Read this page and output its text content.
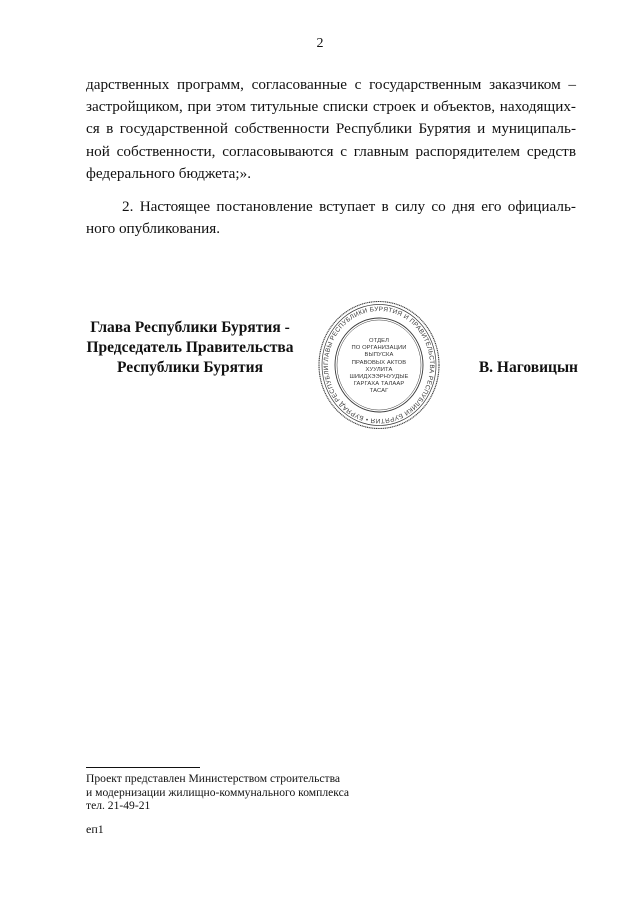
2
дарственных программ, согласованные с государственным заказчиком –
застройщиком, при этом титульные списки строек и объектов, находящих-
ся в государственной собственности Республики Бурятия и муниципаль-
ной собственности, согласовываются с главным распорядителем средств
федерального бюджета;».
2. Настоящее постановление вступает в силу со дня его официаль-
ного опубликования.
Глава Республики Бурятия -
Председатель Правительства
Республики Бурятия	ГЛАВЫ РЕСПУБЛИКИ БУРЯТИЯ И ПРАВИТЕЛЬСТВА РЕСПУБЛИКИ БУРЯТИЯ • БУРЯАД РЕСПУБЛИ
ОТДЕЛ
ПО ОРГАНИЗАЦИИ
ВЫПУСКА
ПРАВОВЫХ АКТОВ
ХУУЛИТА
ШИИДХЭЭРНУУДЫЕ
ГАРГАХА ТАЛААР
ТАСАГ
В. Наговицын
Проект представлен Министерством строительства
и модернизации жилищно-коммунального комплекса
тел. 21-49-21
еп1
